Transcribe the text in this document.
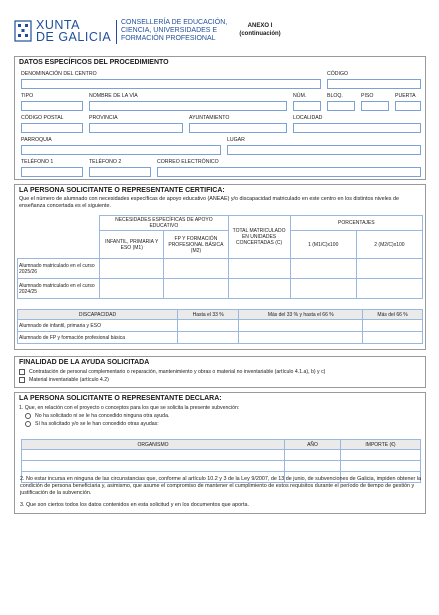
XUNTA
DE GALICIA
CONSELLERÍA DE EDUCACIÓN,
CIENCIA, UNIVERSIDADES E
FORMACIÓN PROFESIONAL
ANEXO I
(continuación)
DATOS ESPECÍFICOS DEL PROCEDIMIENTO
DENOMINACIÓN DEL CENTRO	CÓDIGO
TIPO	NOMBRE DE LA VÍA	NÚM.	BLOQ.	PISO	PUERTA
CÓDIGO POSTAL	PROVINCIA	AYUNTAMIENTO	LOCALIDAD
PARROQUIA	LUGAR
TELÉFONO 1	TELÉFONO 2	CORREO ELECTRÓNICO
LA PERSONA SOLICITANTE O REPRESENTANTE CERTIFICA:
Que el número de alumnado con necesidades específicas de apoyo educativo (ANEAE) y/o discapacidad matriculado en este centro en los distintos niveles de enseñanza concertada es el siguiente.
	NECESIDADES ESPECÍFICAS DE APOYO EDUCATIVO		TOTAL MATRICULADO EN UNIDADES CONCERTADAS (C)	PORCENTAJES	
	INFANTIL, PRIMARIA Y ESO (M1)	FP Y FORMACIÓN PROFESIONAL BÁSICA (M2)		1 (M1/C)x100	2 (M2/C)x100
Alumnado matriculado en el curso 2025/26					
Alumnado matriculado en el curso 2024/25					
DISCAPACIDAD	Hasta el 33 %	Más del 33 % y hasta el 66 %	Más del 66 %
Alumnado de infantil, primaria y ESO			
Alumnado de FP y formación profesional básica			
FINALIDAD DE LA AYUDA SOLICITADA
Contratación de personal complementario o reparación, mantenimiento y obras o material no inventariable (artículo 4.1.a), b) y c)
Material inventariable (artículo 4.2)
LA PERSONA SOLICITANTE O REPRESENTANTE DECLARA:
1. Que, en relación con el proyecto o conceptos para los que se solicita la presente subvención:
No ha solicitado ni se le ha concedido ninguna otra ayuda.
Sí ha solicitado y/o se le han concedido otras ayudas:
ORGANISMO	AÑO	IMPORTE (€)

2. No estar incursa en ninguna de las circunstancias que, conforme al artículo 10.2 y 3 de la Ley 9/2007, de 13 de junio, de subvenciones de Galicia, impiden obtener la condición de persona beneficiaria y, asimismo, que asume el compromiso de mantener el cumplimiento de estos requisitos durante el período de tiempo de gestión y justificación de la subvención.
3. Que son ciertos todos los datos contenidos en esta solicitud y en los documentos que aporta.
